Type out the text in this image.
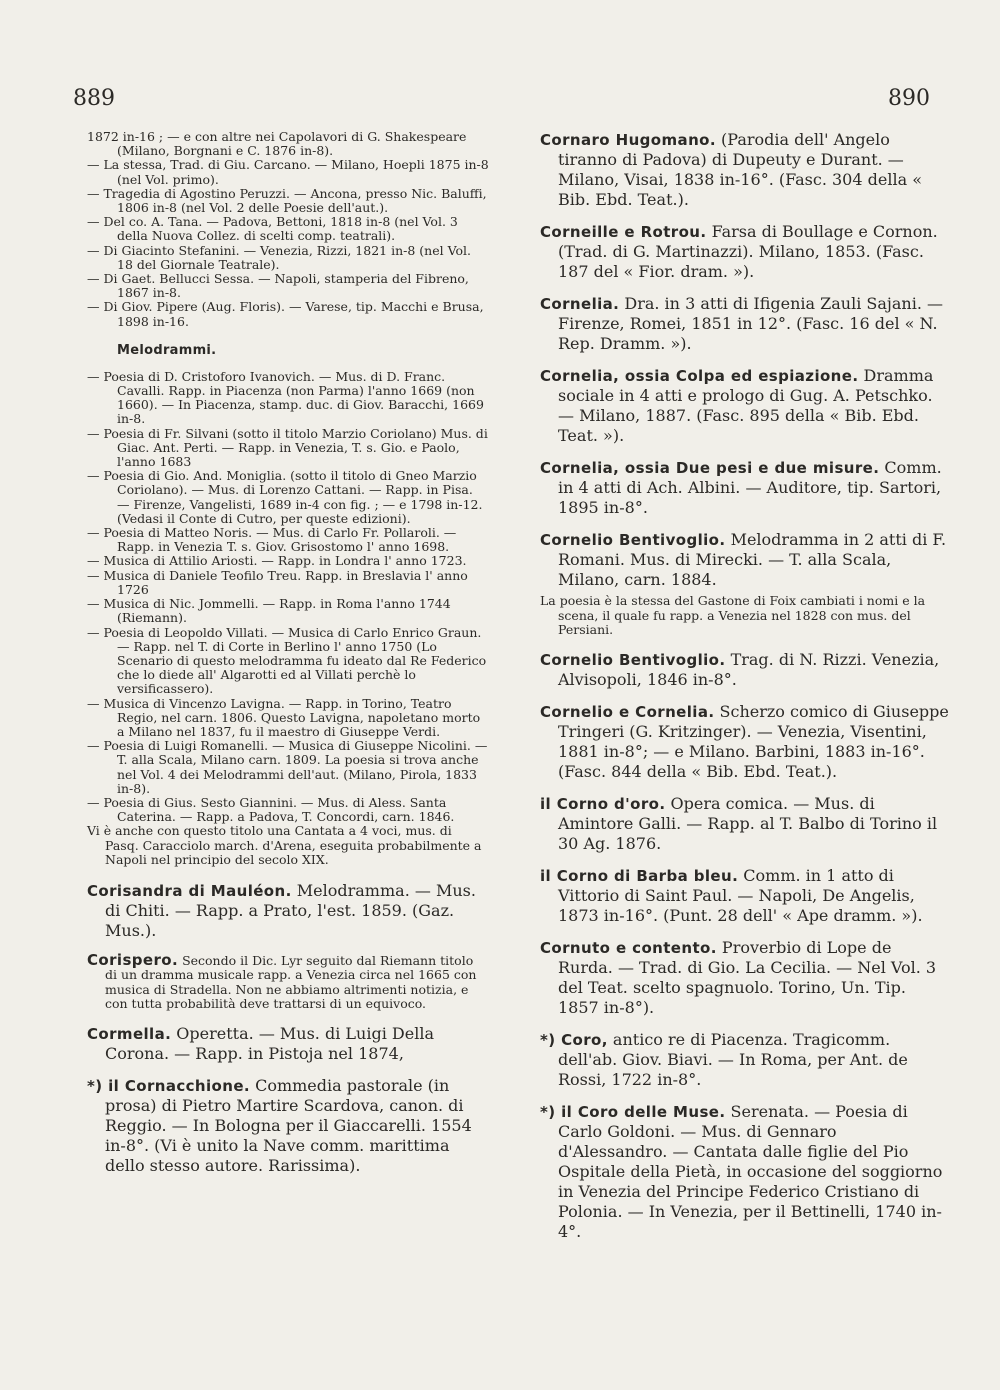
889	890

1872 in-16 ; — e con altre nei Capolavori di G. Shakespeare (Milano, Borgnani e C. 1876 in-8).

— La stessa, Trad. di Giu. Carcano. — Milano, Hoepli 1875 in-8 (nel Vol. primo).

— Tragedia di Agostino Peruzzi. — Ancona, presso Nic. Baluffi, 1806 in-8 (nel Vol. 2 delle Poesie dell'aut.).

— Del co. A. Tana. — Padova, Bettoni, 1818 in-8 (nel Vol. 3 della Nuova Collez. di scelti comp. teatrali).

— Di Giacinto Stefanini. — Venezia, Rizzi, 1821 in-8 (nel Vol. 18 del Giornale Teatrale).

— Di Gaet. Bellucci Sessa. — Napoli, stamperia del Fibreno, 1867 in-8.

— Di Giov. Pipere (Aug. Floris). — Varese, tip. Macchi e Brusa, 1898 in-16.

Melodrammi.

— Poesia di D. Cristoforo Ivanovich. — Mus. di D. Franc. Cavalli. Rapp. in Piacenza (non Parma) l'anno 1669 (non 1660). — In Piacenza, stamp. duc. di Giov. Baracchi, 1669 in-8.

— Poesia di Fr. Silvani (sotto il titolo Marzio Coriolano) Mus. di Giac. Ant. Perti. — Rapp. in Venezia, T. s. Gio. e Paolo, l'anno 1683

— Poesia di Gio. And. Moniglia. (sotto il titolo di Gneo Marzio Coriolano). — Mus. di Lorenzo Cattani. — Rapp. in Pisa. — Firenze, Vangelisti, 1689 in-4 con fig. ; — e 1798 in-12. (Vedasi il Conte di Cutro, per queste edizioni).

— Poesia di Matteo Noris. — Mus. di Carlo Fr. Pollaroli. — Rapp. in Venezia T. s. Giov. Grisostomo l' anno 1698.

— Musica di Attilio Ariosti. — Rapp. in Londra l' anno 1723.

— Musica di Daniele Teofilo Treu. Rapp. in Breslavia l' anno 1726

— Musica di Nic. Jommelli. — Rapp. in Roma l'anno 1744 (Riemann).

— Poesia di Leopoldo Villati. — Musica di Carlo Enrico Graun. — Rapp. nel T. di Corte in Berlino l' anno 1750 (Lo Scenario di questo melodramma fu ideato dal Re Federico che lo diede all' Algarotti ed al Villati perchè lo versificassero).

— Musica di Vincenzo Lavigna. — Rapp. in Torino, Teatro Regio, nel carn. 1806. Questo Lavigna, napoletano morto a Milano nel 1837, fu il maestro di Giuseppe Verdi.

— Poesia di Luigi Romanelli. — Musica di Giuseppe Nicolini. — T. alla Scala, Milano carn. 1809. La poesia si trova anche nel Vol. 4 dei Melodrammi dell'aut. (Milano, Pirola, 1833 in-8).

— Poesia di Gius. Sesto Giannini. — Mus. di Aless. Santa Caterina. — Rapp. a Padova, T. Concordi, carn. 1846.

Vi è anche con questo titolo una Cantata a 4 voci, mus. di Pasq. Caracciolo march. d'Arena, eseguita probabilmente a Napoli nel principio del secolo XIX.

Corisandra di Mauléon. Melodramma. — Mus. di Chiti. — Rapp. a Prato, l'est. 1859. (Gaz. Mus.).

Corispero. Secondo il Dic. Lyr seguito dal Riemann titolo di un dramma musicale rapp. a Venezia circa nel 1665 con musica di Stradella. Non ne abbiamo altrimenti notizia, e con tutta probabilità deve trattarsi di un equivoco.

Cormella. Operetta. — Mus. di Luigi Della Corona. — Rapp. in Pistoja nel 1874,

*) il Cornacchione. Commedia pastorale (in prosa) di Pietro Martire Scardova, canon. di Reggio. — In Bologna per il Giaccarelli. 1554 in-8°. (Vi è unito la Nave comm. marittima dello stesso autore. Rarissima).

Cornaro Hugomano. (Parodia dell' Angelo tiranno di Padova) di Dupeuty e Durant. — Milano, Visai, 1838 in-16°. (Fasc. 304 della « Bib. Ebd. Teat.).

Corneille e Rotrou. Farsa di Boullage e Cornon. (Trad. di G. Martinazzi). Milano, 1853. (Fasc. 187 del « Fior. dram. »).

Cornelia. Dra. in 3 atti di Ifigenia Zauli Sajani. — Firenze, Romei, 1851 in 12°. (Fasc. 16 del « N. Rep. Dramm. »).

Cornelia, ossia Colpa ed espiazione. Dramma sociale in 4 atti e prologo di Gug. A. Petschko. — Milano, 1887. (Fasc. 895 della « Bib. Ebd. Teat. »).

Cornelia, ossia Due pesi e due misure. Comm. in 4 atti di Ach. Albini. — Auditore, tip. Sartori, 1895 in-8°.

Cornelio Bentivoglio. Melodramma in 2 atti di F. Romani. Mus. di Mirecki. — T. alla Scala, Milano, carn. 1884.

La poesia è la stessa del Gastone di Foix cambiati i nomi e la scena, il quale fu rapp. a Venezia nel 1828 con mus. del Persiani.

Cornelio Bentivoglio. Trag. di N. Rizzi. Venezia, Alvisopoli, 1846 in-8°.

Cornelio e Cornelia. Scherzo comico di Giuseppe Tringeri (G. Kritzinger). — Venezia, Visentini, 1881 in-8°; — e Milano. Barbini, 1883 in-16°. (Fasc. 844 della « Bib. Ebd. Teat.).

il Corno d'oro. Opera comica. — Mus. di Amintore Galli. — Rapp. al T. Balbo di Torino il 30 Ag. 1876.

il Corno di Barba bleu. Comm. in 1 atto di Vittorio di Saint Paul. — Napoli, De Angelis, 1873 in-16°. (Punt. 28 dell' « Ape dramm. »).

Cornuto e contento. Proverbio di Lope de Rurda. — Trad. di Gio. La Cecilia. — Nel Vol. 3 del Teat. scelto spagnuolo. Torino, Un. Tip. 1857 in-8°).

*) Coro, antico re di Piacenza. Tragicomm. dell'ab. Giov. Biavi. — In Roma, per Ant. de Rossi, 1722 in-8°.

*) il Coro delle Muse. Serenata. — Poesia di Carlo Goldoni. — Mus. di Gennaro d'Alessandro. — Cantata dalle figlie del Pio Ospitale della Pietà, in occasione del soggiorno in Venezia del Principe Federico Cristiano di Polonia. — In Venezia, per il Bettinelli, 1740 in-4°.
